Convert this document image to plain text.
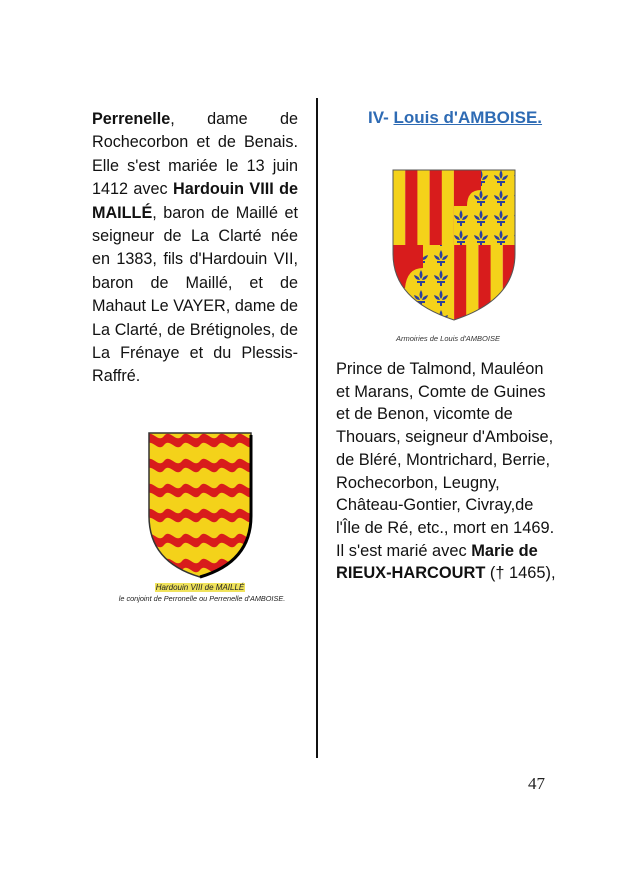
Perrenelle, dame de Rochecorbon et de Benais. Elle s'est mariée le 13 juin 1412 avec Hardouin VIII de MAILLÉ, baron de Maillé et seigneur de La Clarté née en 1383, fils d'Hardouin VII, baron de Maillé, et de Mahaut Le VAYER, dame de La Clarté, de Brétignoles, de La Frénaye et du Plessis-Raffré.
IV- Louis d'AMBOISE.
Armoiries de Louis d'AMBOISE
Prince de Talmond, Mauléon et Marans, Comte de Guines et de Benon, vicomte de Thouars, seigneur d'Amboise, de Bléré, Montrichard, Berrie, Rochecorbon, Leugny, Château-Gontier, Civray,de l'Île de Ré, etc., mort en 1469. Il s'est marié avec Marie de RIEUX-HARCOURT († 1465),
Hardouin VIII de MAILLÉ
le conjoint de Perronelle ou Perrenelle d'AMBOISE.
47
